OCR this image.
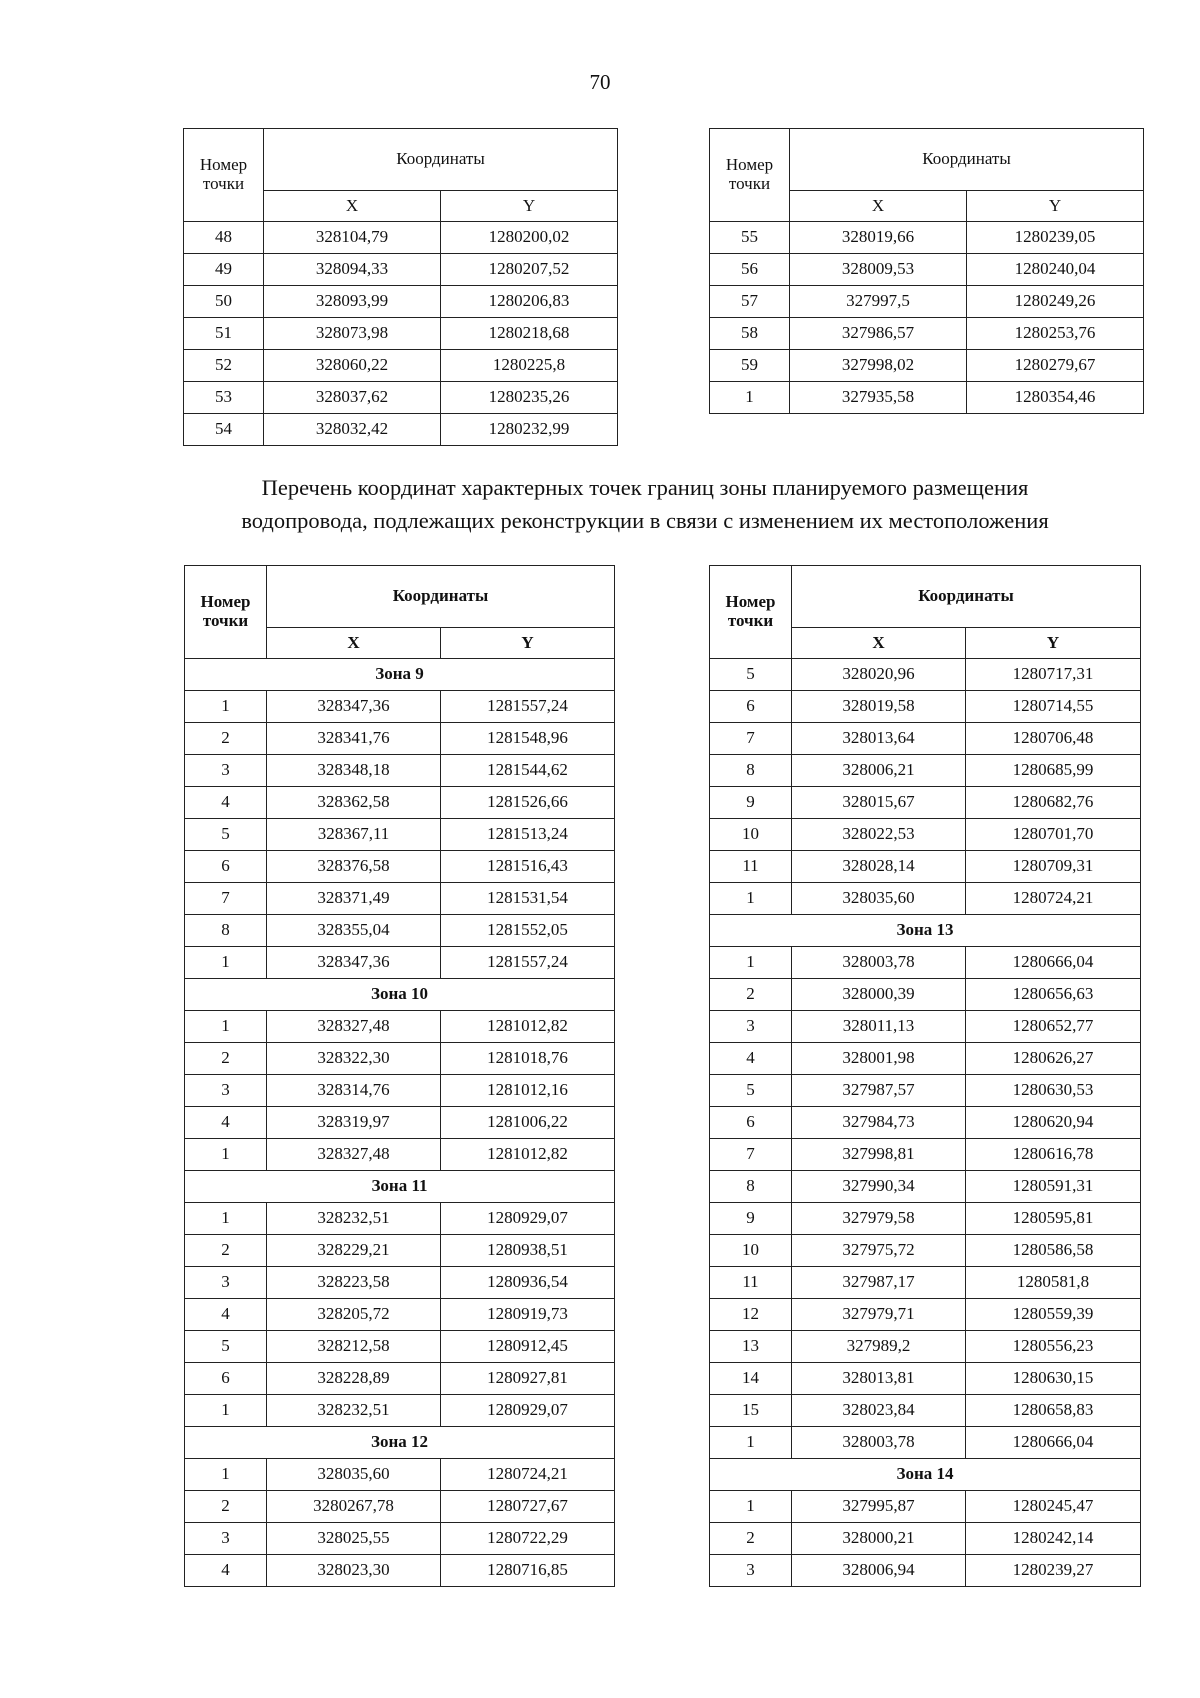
70
Номер
точки	Координаты	
	X	Y
48	328104,79	1280200,02
49	328094,33	1280207,52
50	328093,99	1280206,83
51	328073,98	1280218,68
52	328060,22	1280225,8
53	328037,62	1280235,26
54	328032,42	1280232,99
Номер
точки	Координаты	
	X	Y
55	328019,66	1280239,05
56	328009,53	1280240,04
57	327997,5	1280249,26
58	327986,57	1280253,76
59	327998,02	1280279,67
1	327935,58	1280354,46
Перечень координат характерных точек границ зоны планируемого размещения
водопровода, подлежащих реконструкции в связи с изменением их местоположения
Номер
точки	Координаты	
	X	Y
Зона 9		
1	328347,36	1281557,24
2	328341,76	1281548,96
3	328348,18	1281544,62
4	328362,58	1281526,66
5	328367,11	1281513,24
6	328376,58	1281516,43
7	328371,49	1281531,54
8	328355,04	1281552,05
1	328347,36	1281557,24
Зона 10		
1	328327,48	1281012,82
2	328322,30	1281018,76
3	328314,76	1281012,16
4	328319,97	1281006,22
1	328327,48	1281012,82
Зона 11		
1	328232,51	1280929,07
2	328229,21	1280938,51
3	328223,58	1280936,54
4	328205,72	1280919,73
5	328212,58	1280912,45
6	328228,89	1280927,81
1	328232,51	1280929,07
Зона 12		
1	328035,60	1280724,21
2	3280267,78	1280727,67
3	328025,55	1280722,29
4	328023,30	1280716,85
Номер
точки	Координаты	
	X	Y
5	328020,96	1280717,31
6	328019,58	1280714,55
7	328013,64	1280706,48
8	328006,21	1280685,99
9	328015,67	1280682,76
10	328022,53	1280701,70
11	328028,14	1280709,31
1	328035,60	1280724,21
Зона 13		
1	328003,78	1280666,04
2	328000,39	1280656,63
3	328011,13	1280652,77
4	328001,98	1280626,27
5	327987,57	1280630,53
6	327984,73	1280620,94
7	327998,81	1280616,78
8	327990,34	1280591,31
9	327979,58	1280595,81
10	327975,72	1280586,58
11	327987,17	1280581,8
12	327979,71	1280559,39
13	327989,2	1280556,23
14	328013,81	1280630,15
15	328023,84	1280658,83
1	328003,78	1280666,04
Зона 14		
1	327995,87	1280245,47
2	328000,21	1280242,14
3	328006,94	1280239,27
